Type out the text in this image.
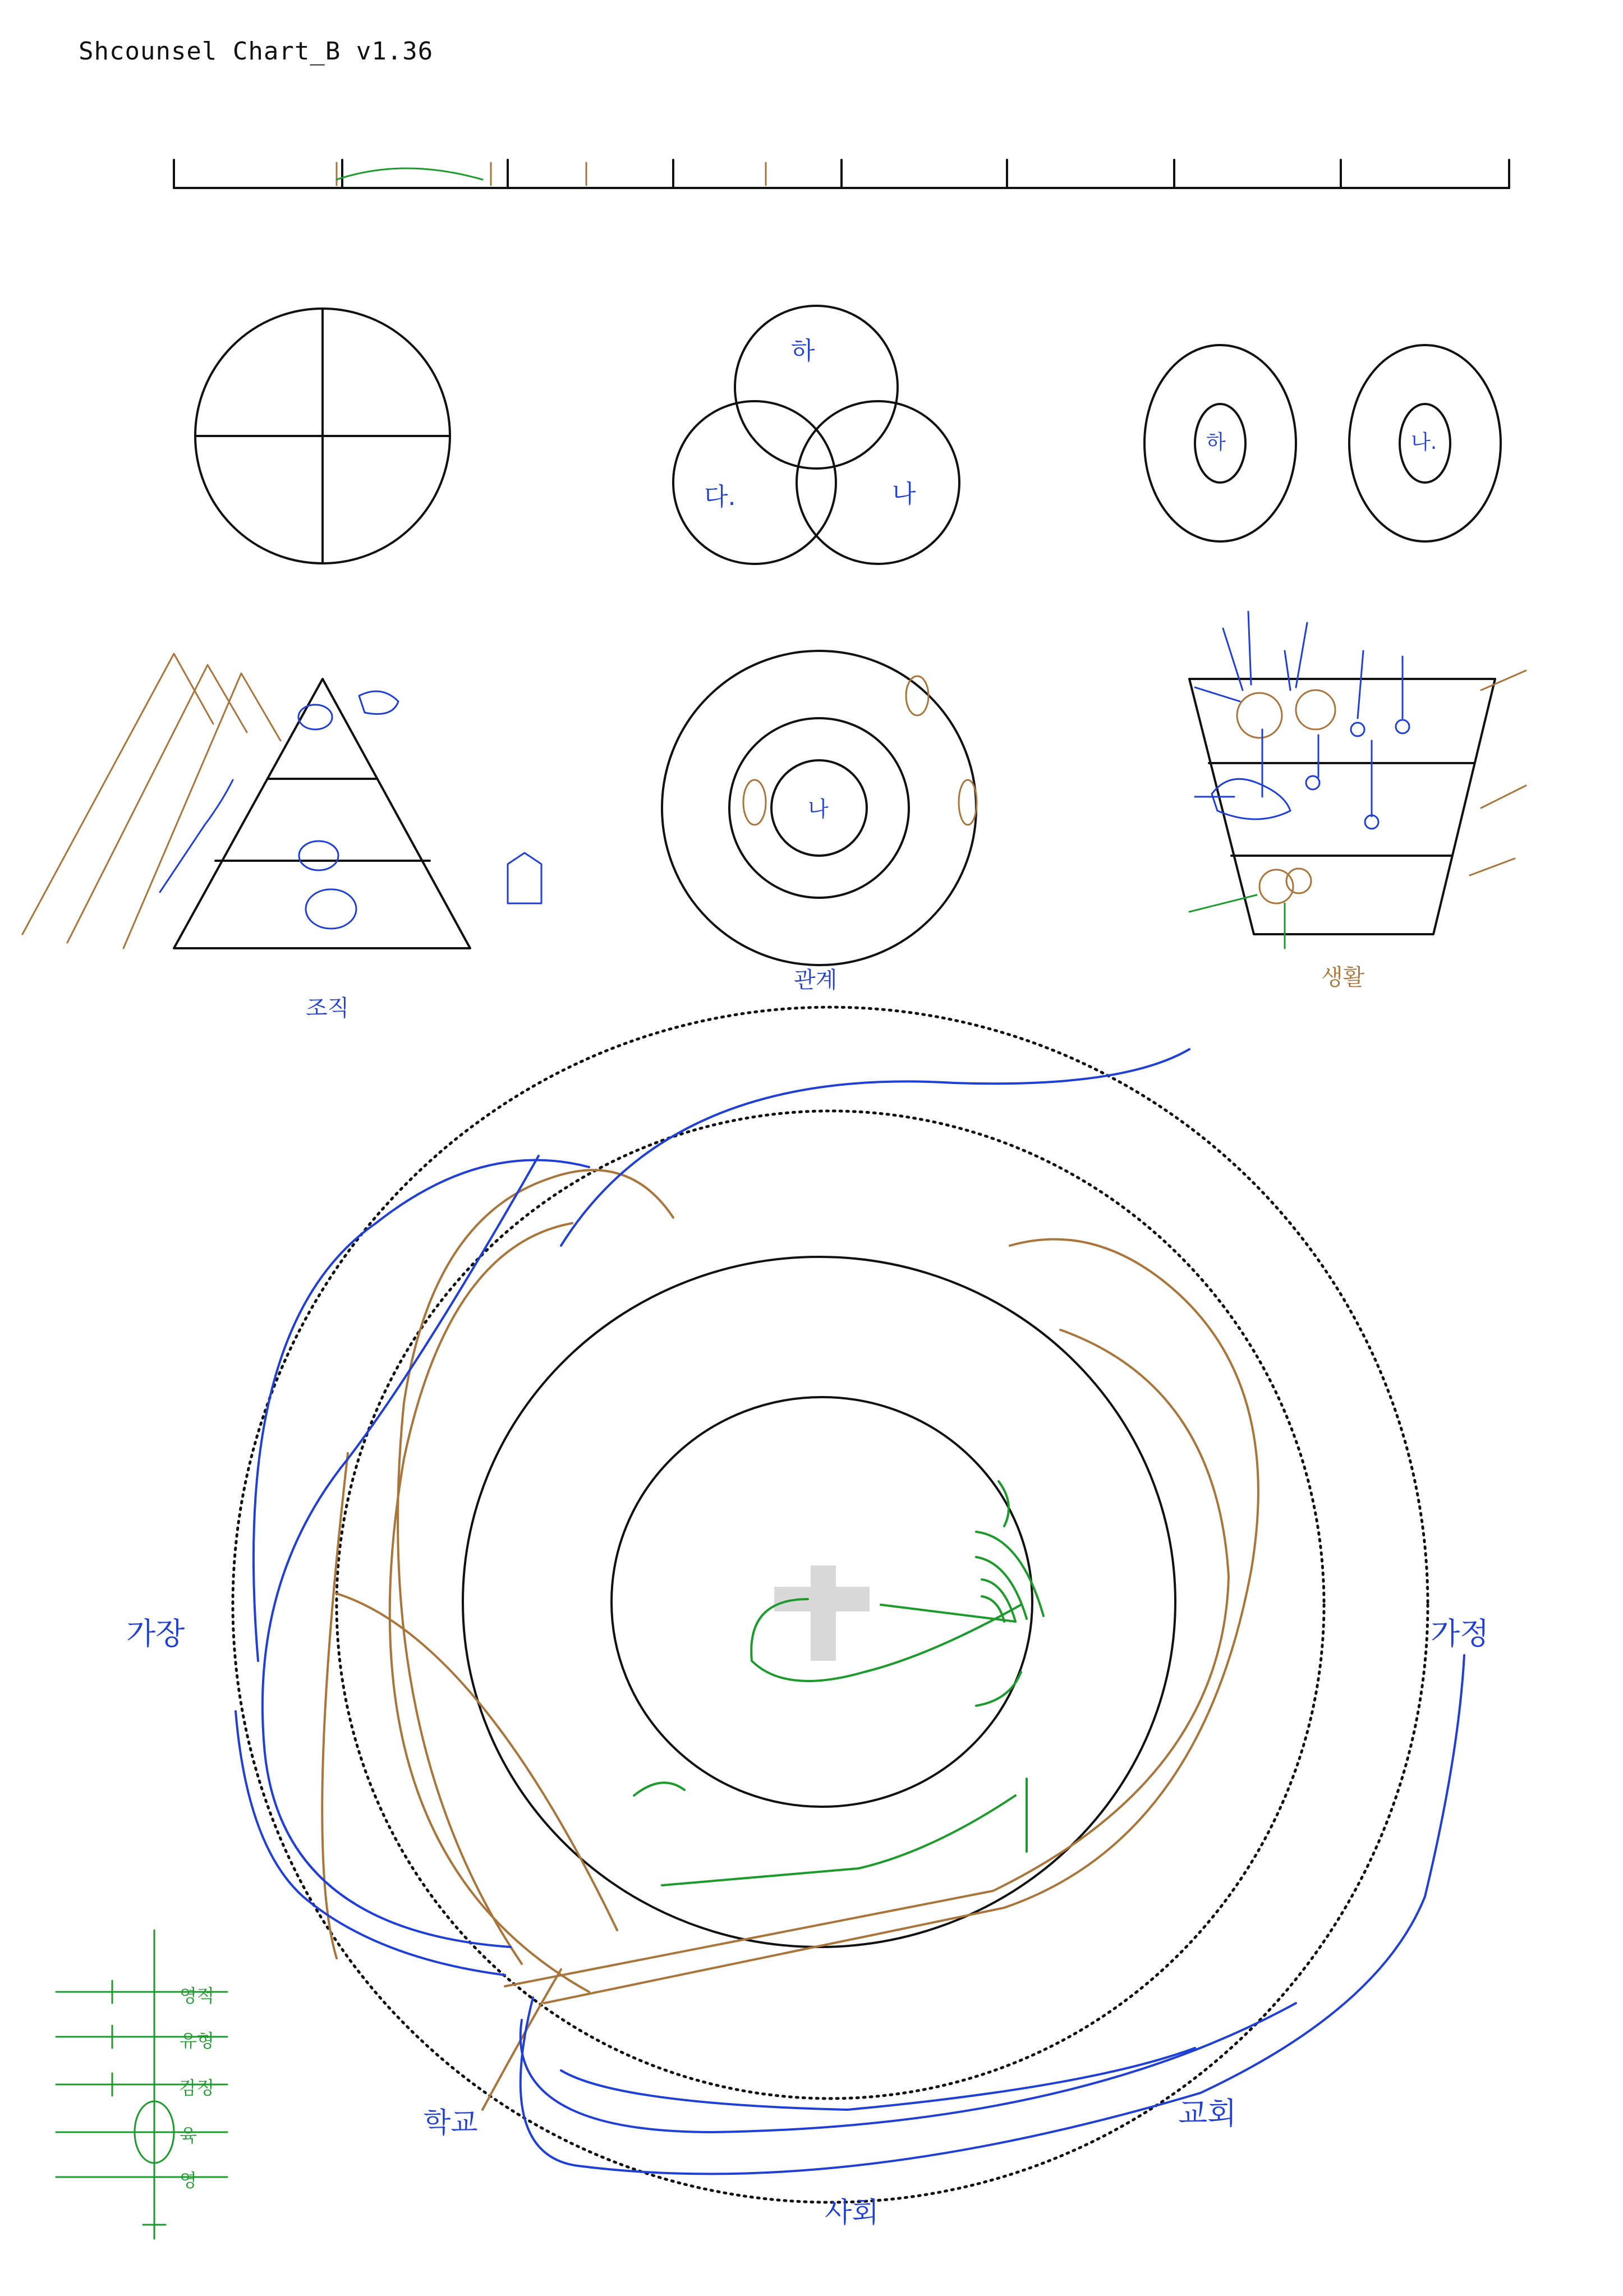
Shcounsel Chart_B v1.36
하
다.	나
하	나.
나
관계
조직
생활
가장	가정
교회
학교
사회
영적
유형
감정
육
영
